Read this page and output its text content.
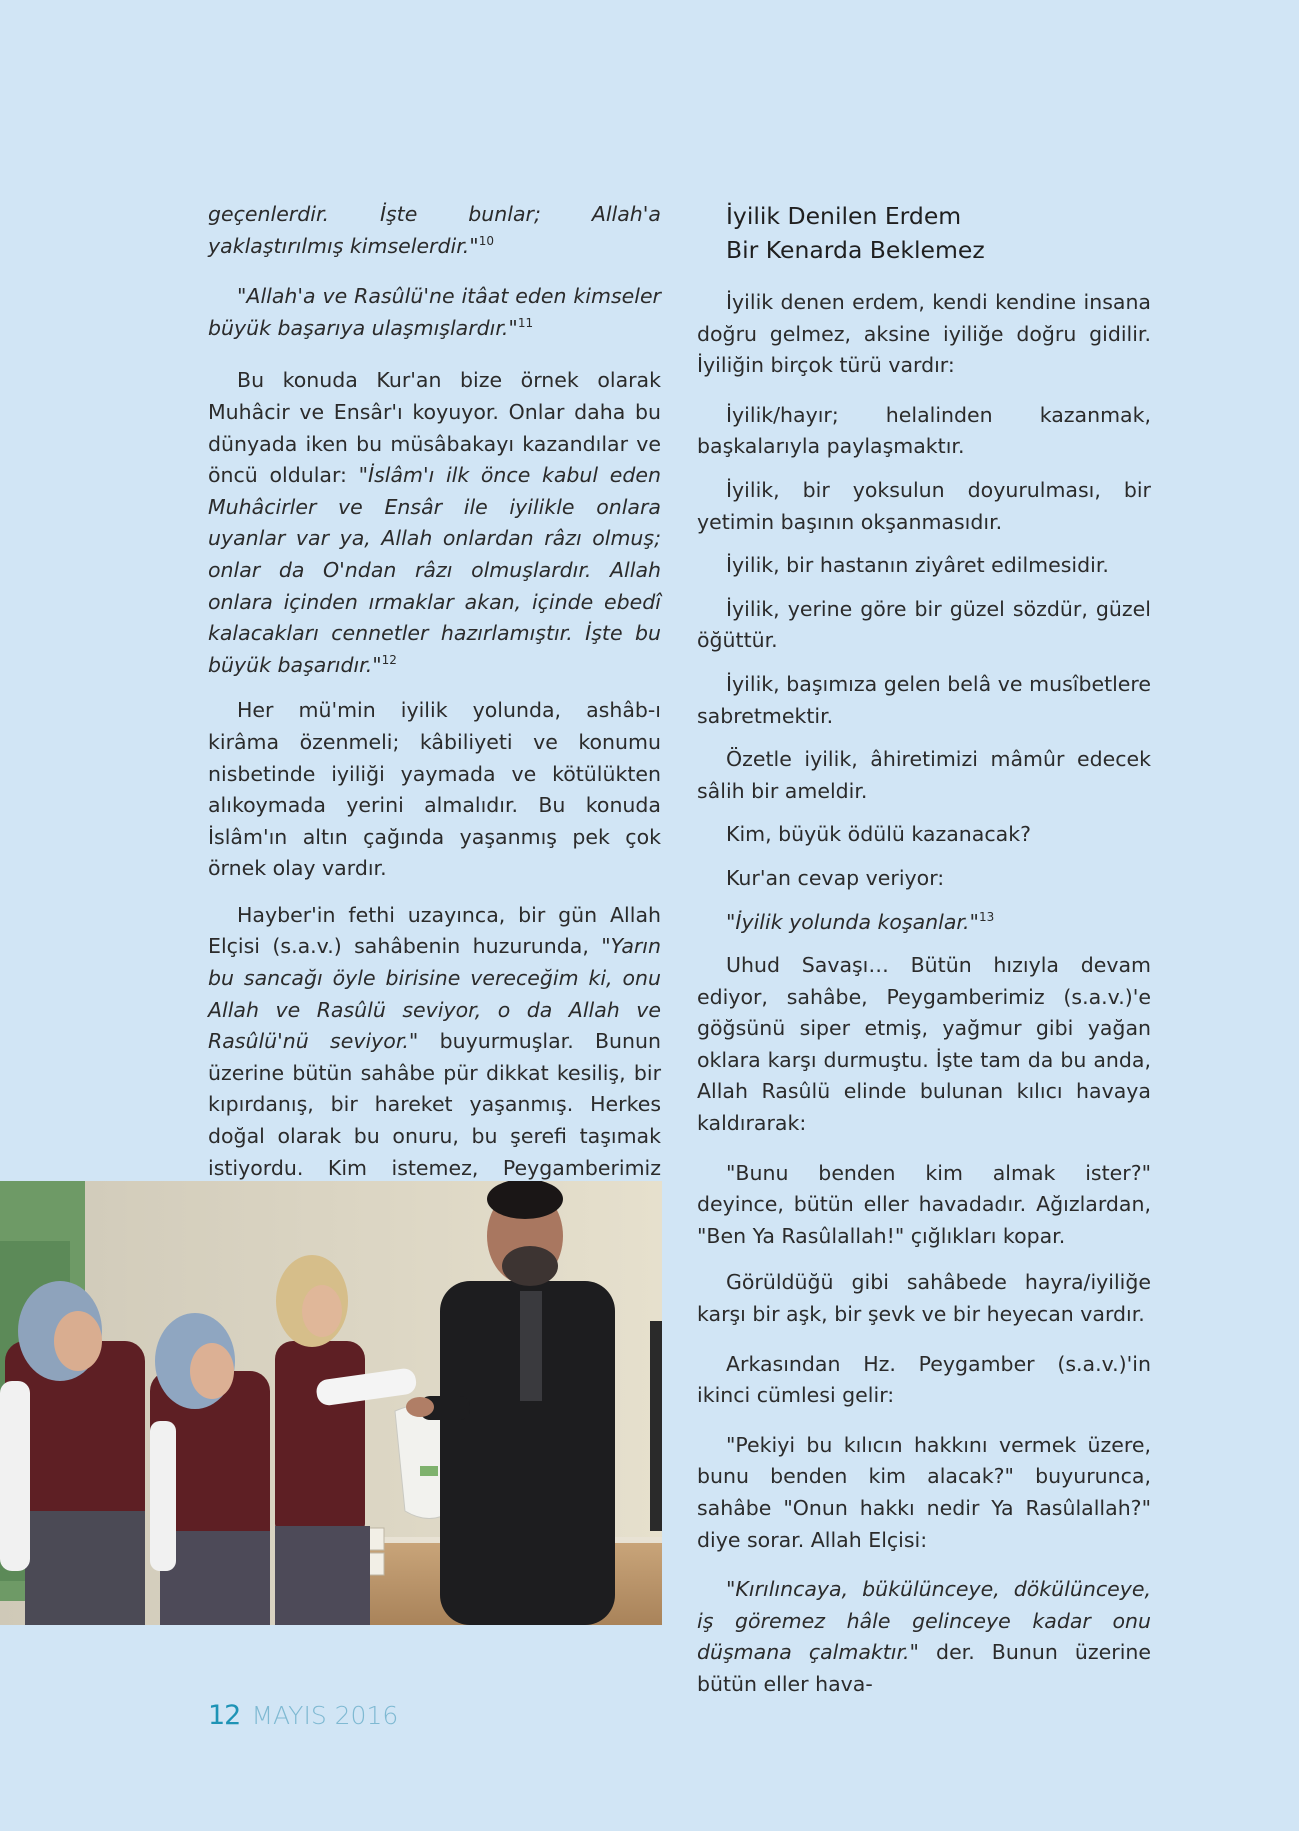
geçenlerdir. İşte bunlar; Allah'a yaklaştırılmış kimselerdir."$^{10}$

"Allah'a ve Rasûlü'ne itâat eden kimseler büyük başarıya ulaşmışlardır."$^{11}$

Bu konuda Kur'an bize örnek olarak Muhâcir ve Ensâr'ı koyuyor. Onlar daha bu dünyada iken bu müsâbakayı kazandılar ve öncü oldular: "İslâm'ı ilk önce kabul eden Muhâcirler ve Ensâr ile iyilikle onlara uyanlar var ya, Allah onlardan râzı olmuş; onlar da O'ndan râzı olmuşlardır. Allah onlara içinden ırmaklar akan, içinde ebedî kalacakları cennetler hazırlamıştır. İşte bu büyük başarıdır."$^{12}$

Her mü'min iyilik yolunda, ashâb-ı kirâma özenmeli; kâbiliyeti ve konumu nisbetinde iyiliği yaymada ve kötülükten alıkoymada yerini almalıdır. Bu konuda İslâm'ın altın çağında yaşanmış pek çok örnek olay vardır.

Hayber'in fethi uzayınca, bir gün Allah Elçisi (s.a.v.) sahâbenin huzurunda, "Yarın bu sancağı öyle birisine vereceğim ki, onu Allah ve Rasûlü seviyor, o da Allah ve Rasûlü'nü seviyor." buyurmuşlar. Bunun üzerine bütün sahâbe pür dikkat kesiliş, bir kıpırdanış, bir hareket yaşanmış. Herkes doğal olarak bu onuru, bu şerefi taşımak istiyordu. Kim istemez, Peygamberimiz

İyilik Denilen Erdem
Bir Kenarda Beklemez

İyilik denen erdem, kendi kendine insana doğru gelmez, aksine iyiliğe doğru gidilir. İyiliğin birçok türü vardır:

İyilik/hayır; helalinden kazanmak, başkalarıyla paylaşmaktır.

İyilik, bir yoksulun doyurulması, bir yetimin başının okşanmasıdır.

İyilik, bir hastanın ziyâret edilmesidir.

İyilik, yerine göre bir güzel sözdür, güzel öğüttür.

İyilik, başımıza gelen belâ ve musîbetlere sabretmektir.

Özetle iyilik, âhiretimizi mâmûr edecek sâlih bir ameldir.

Kim, büyük ödülü kazanacak?

Kur'an cevap veriyor:

"İyilik yolunda koşanlar."$^{13}$

Uhud Savaşı… Bütün hızıyla devam ediyor, sahâbe, Peygamberimiz (s.a.v.)'e göğsünü siper etmiş, yağmur gibi yağan oklara karşı durmuştu. İşte tam da bu anda, Allah Rasûlü elinde bulunan kılıcı havaya kaldırarak:

"Bunu benden kim almak ister?" deyince, bütün eller havadadır. Ağızlardan, "Ben Ya Rasûlallah!" çığlıkları kopar.

Görüldüğü gibi sahâbede hayra/iyiliğe karşı bir aşk, bir şevk ve bir heyecan vardır.

Arkasından Hz. Peygamber (s.a.v.)'in ikinci cümlesi gelir:

"Pekiyi bu kılıcın hakkını vermek üzere, bunu benden kim alacak?" buyurunca, sahâbe "Onun hakkı nedir Ya Rasûlallah?" diye sorar. Allah Elçisi:

"Kırılıncaya, bükülünceye, dökülünceye, iş göremez hâle gelinceye kadar onu düşmana çalmaktır." der. Bunun üzerine bütün eller hava-

12 MAYIS 2016
